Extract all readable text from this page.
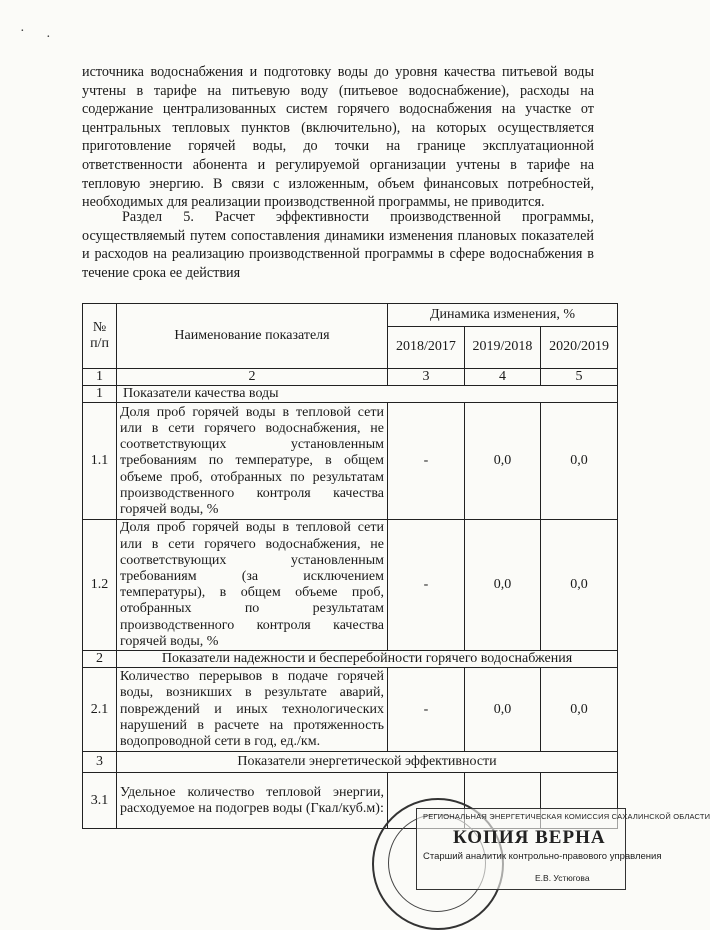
· ·
источника водоснабжения и подготовку воды до уровня качества питьевой воды учтены в тарифе на питьевую воду (питьевое водоснабжение), расходы на содержание централизованных систем горячего водоснабжения на участке от центральных тепловых пунктов (включительно), на которых осуществляется приготовление горячей воды, до точки на границе эксплуатационной ответственности абонента и регулируемой организации учтены в тарифе на тепловую энергию. В связи с изложенным, объем финансовых потребностей, необходимых для реализации производственной программы, не приводится.
Раздел 5. Расчет эффективности производственной программы, осуществляемый путем сопоставления динамики изменения плановых показателей и расходов на реализацию производственной программы в сфере водоснабжения в течение срока ее действия
№ п/п	Наименование показателя	Динамика изменения, %		
		2018/2017	2019/2018	2020/2019
1	2	3	4	5
1	Показатели качества воды			
1.1	Доля проб горячей воды в тепловой сети или в сети горячего водоснабжения, не соответствующих установленным требованиям по температуре, в общем объеме проб, отобранных по результатам производственного контроля качества горячей воды, %	-	0,0	0,0
1.2	Доля проб горячей воды в тепловой сети или в сети горячего водоснабжения, не соответствующих установленным требованиям (за исключением температуры), в общем объеме проб, отобранных по результатам производственного контроля качества горячей воды, %	-	0,0	0,0
2	Показатели надежности и бесперебойности горячего водоснабжения			
2.1	Количество перерывов в подаче горячей воды, возникших в результате аварий, повреждений и иных технологических нарушений в расчете на протяженность водопроводной сети в год, ед./км.	-	0,0	0,0
3	Показатели энергетической эффективности			
3.1	Удельное количество тепловой энергии, расходуемое на подогрев воды (Гкал/куб.м):			
РЕГИОНАЛЬНАЯ ЭНЕРГЕТИЧЕСКАЯ КОМИССИЯ САХАЛИНСКОЙ ОБЛАСТИ
КОПИЯ ВЕРНА
Старший аналитик контрольно-правового управления
Е.В. Устюгова
